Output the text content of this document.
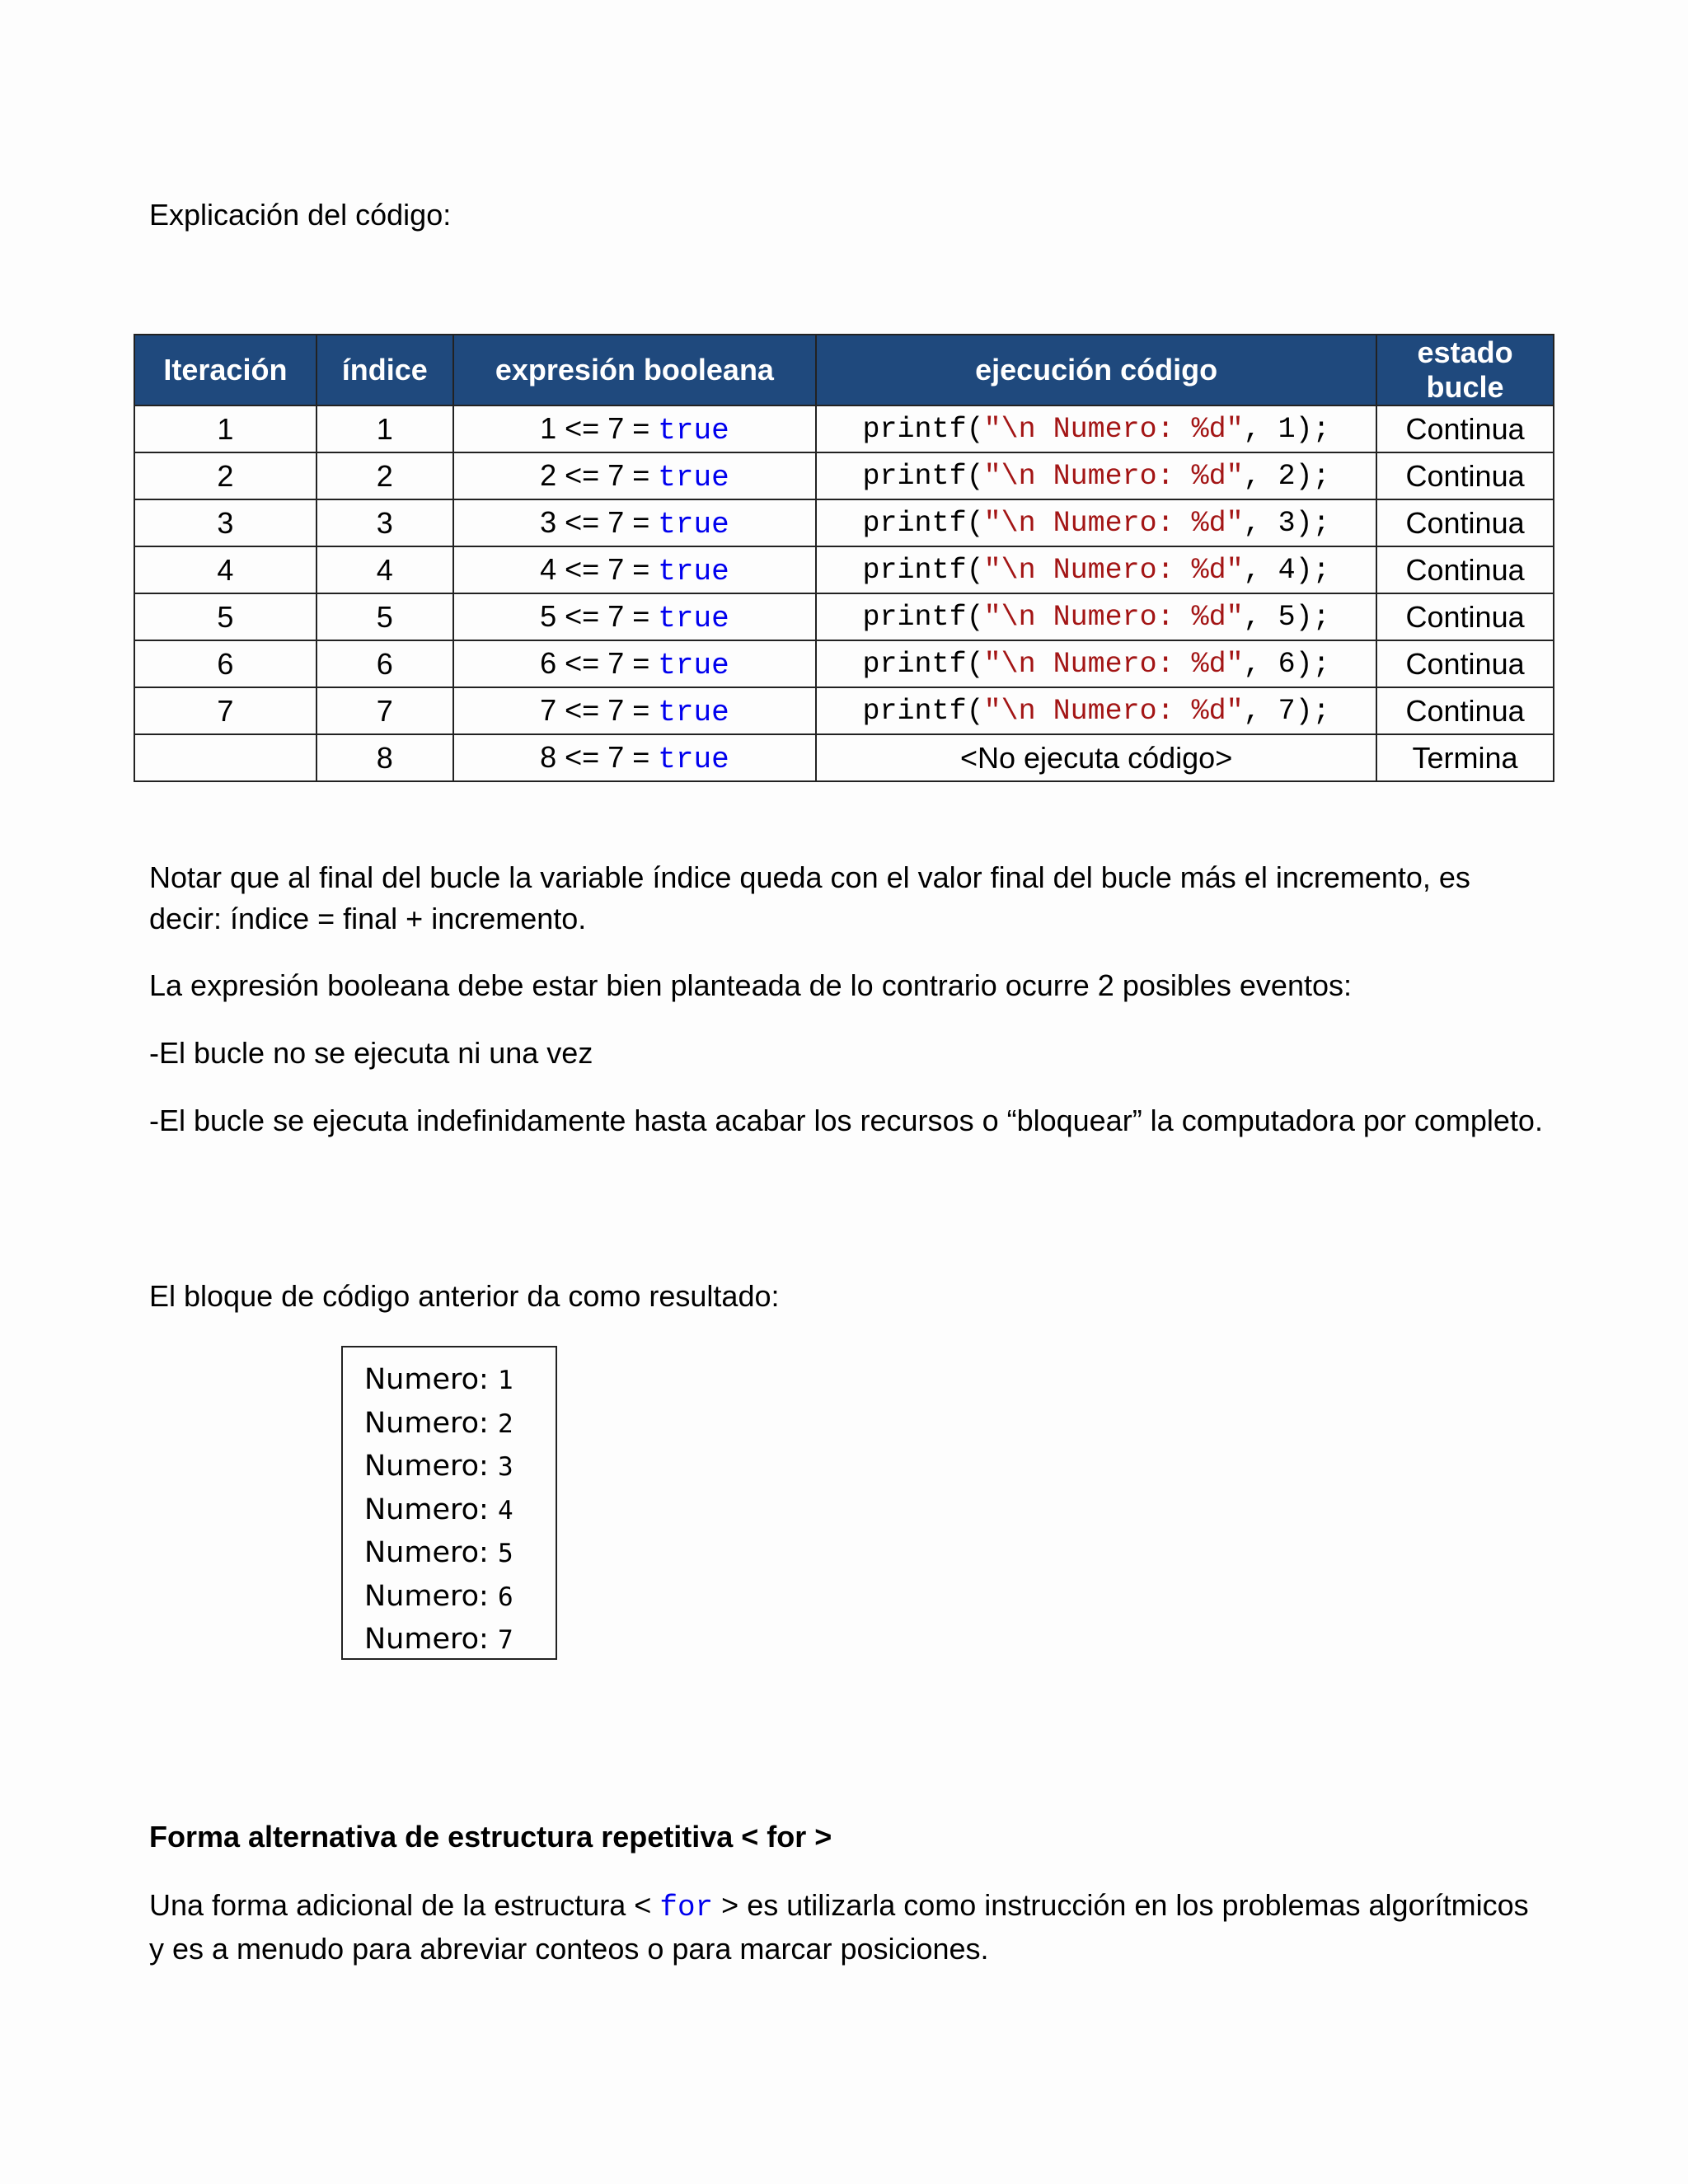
Explicación del código:
Iteración	índice	expresión booleana	ejecución código	estado bucle
1	1	1 <= 7 = true	printf("\n Numero: %d", 1);	Continua
2	2	2 <= 7 = true	printf("\n Numero: %d", 2);	Continua
3	3	3 <= 7 = true	printf("\n Numero: %d", 3);	Continua
4	4	4 <= 7 = true	printf("\n Numero: %d", 4);	Continua
5	5	5 <= 7 = true	printf("\n Numero: %d", 5);	Continua
6	6	6 <= 7 = true	printf("\n Numero: %d", 6);	Continua
7	7	7 <= 7 = true	printf("\n Numero: %d", 7);	Continua
	8	8 <= 7 = true	<No ejecuta código>	Termina
Notar que al final del bucle la variable índice queda con el valor final del bucle más el incremento, es decir: índice = final + incremento.
La expresión booleana debe estar bien planteada de lo contrario ocurre 2 posibles eventos:
-El bucle no se ejecuta ni una vez
-El bucle se ejecuta indefinidamente hasta acabar los recursos o “bloquear” la computadora por completo.
El bloque de código anterior da como resultado:
Numero: 1
Numero: 2
Numero: 3
Numero: 4
Numero: 5
Numero: 6
Numero: 7
Forma alternativa de estructura repetitiva < for >
Una forma adicional de la estructura < for > es utilizarla como instrucción en los problemas algorítmicos y es a menudo para abreviar conteos o para marcar posiciones.
